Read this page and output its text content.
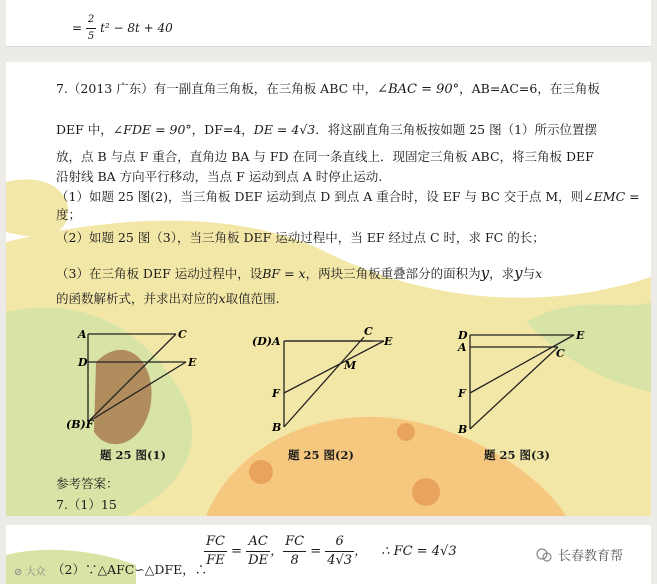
= $\frac{2}{5} t^2 - 8t + 40$
7.（2013 广东）有一副直角三角板，在三角板 ABC 中，∠BAC = 90°，AB=AC=6，在三角板
DEF 中，∠FDE = 90°，DF=4，DE = 4√3．将这副直角三角板按如题 25 图（1）所示位置摆
放，点 B 与点 F 重合，直角边 BA 与 FD 在同一条直线上．现固定三角板 ABC，将三角板 DEF
沿射线 BA 方向平行移动，当点 F 运动到点 A 时停止运动.
（1）如题 25 图(2)，当三角板 DEF 运动到点 D 到点 A 重合时，设 EF 与 BC 交于点 M，则∠EMC =
度；
（2）如题 25 图（3），当三角板 DEF 运动过程中，当 EF 经过点 C 时，求 FC 的长；
（3）在三角板 DEF 运动过程中，设BF = x，两块三角板重叠部分的面积为y，求y与x
的函数解析式，并求出对应的x取值范围.
A	C
D	E
(B)F
题 25 图(1)
(D)A
C
E
M
F
B
题 25 图(2)
D
A
E
C
F
B
题 25 图(3)
参考答案：
7.（1）15
⊘ 大众 （2）∵△AFC∽△DFE，∴
$\frac{FC}{FE} = \frac{AC}{DE}$ ， $\frac{FC}{8} = \frac{6}{4√3}$ ， ∴ FC = 4√3	长春教育帮
